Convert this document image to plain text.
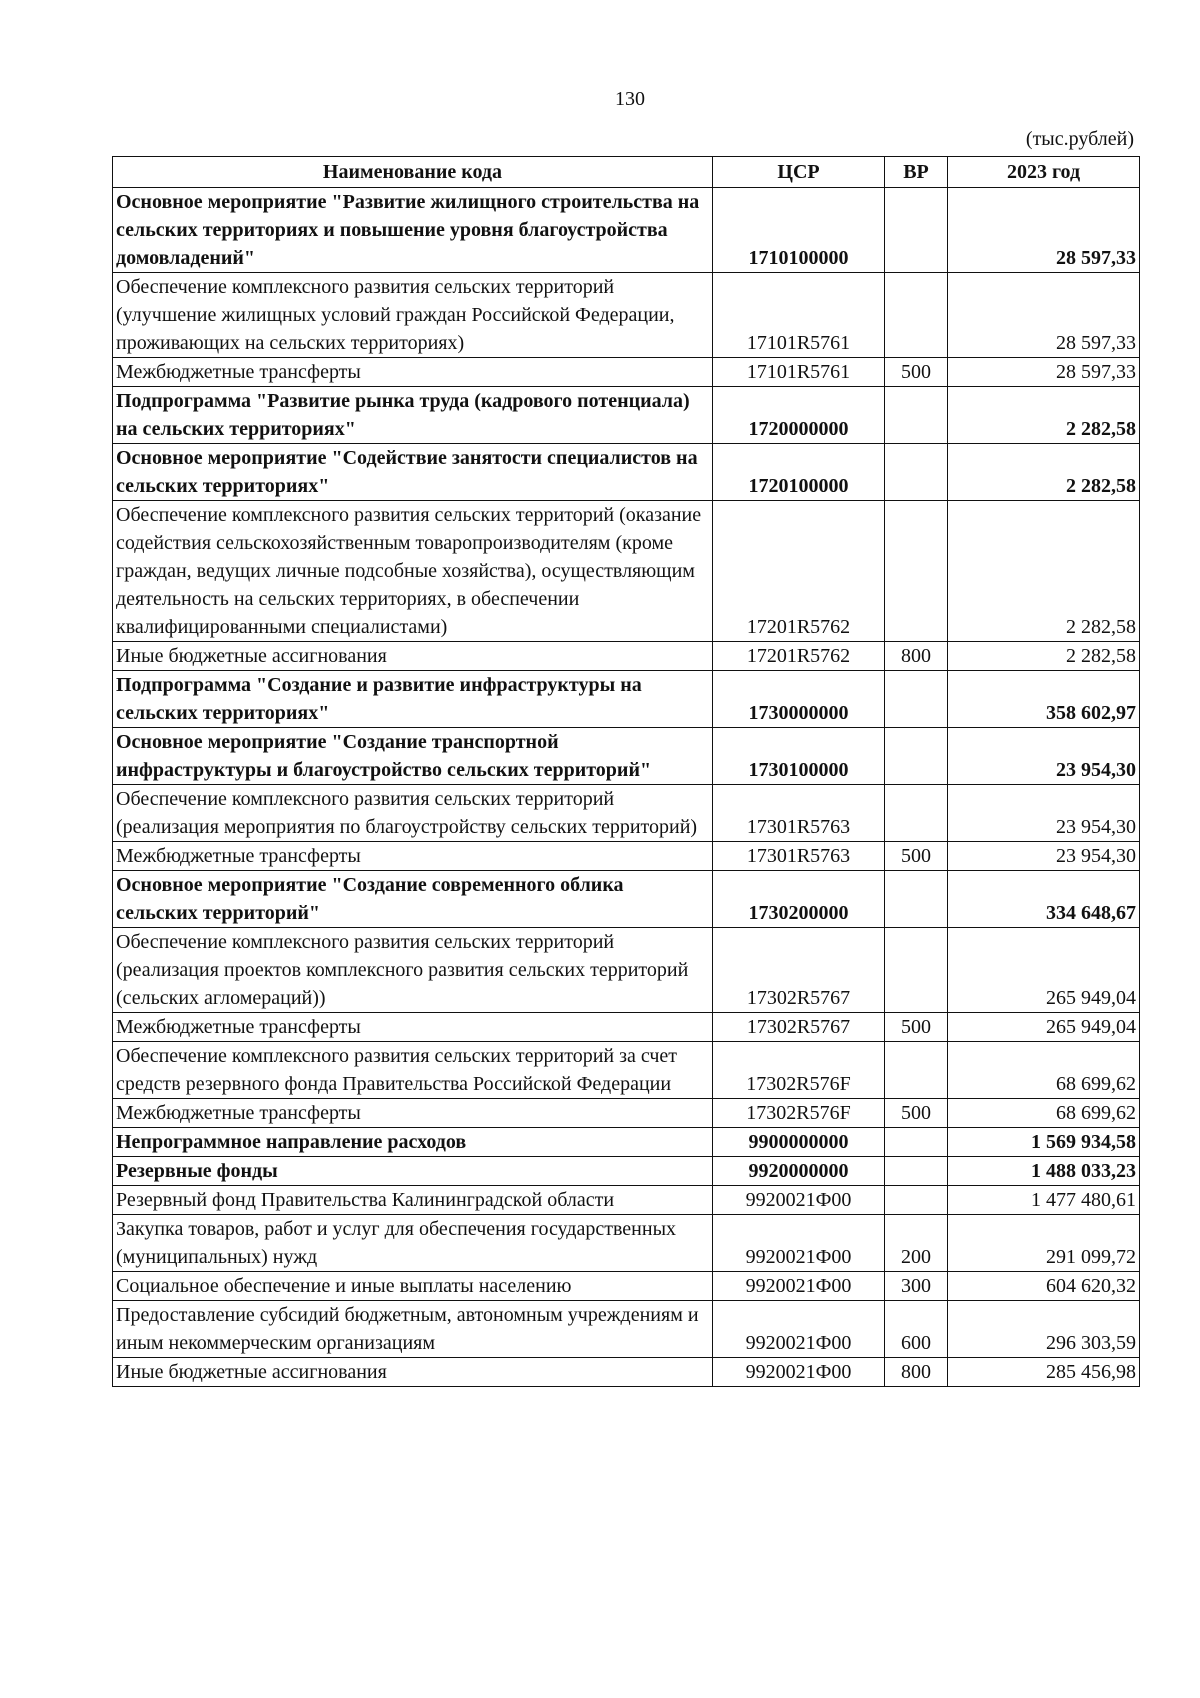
130
(тыс.рублей)
Наименование кода	ЦСР	ВР	2023 год
Основное мероприятие "Развитие жилищного строительства на сельских территориях и повышение уровня благоустройства домовладений"	1710100000		28 597,33
Обеспечение комплексного развития сельских территорий (улучшение жилищных условий граждан Российской Федерации, проживающих на сельских территориях)	17101R5761		28 597,33
Межбюджетные трансферты	17101R5761	500	28 597,33
Подпрограмма "Развитие рынка труда (кадрового потенциала) на сельских территориях"	1720000000		2 282,58
Основное мероприятие "Содействие занятости специалистов на сельских территориях"	1720100000		2 282,58
Обеспечение комплексного развития сельских территорий (оказание содействия сельскохозяйственным товаропроизводителям (кроме граждан, ведущих личные подсобные хозяйства), осуществляющим деятельность на сельских территориях, в обеспечении квалифицированными специалистами)	17201R5762		2 282,58
Иные бюджетные ассигнования	17201R5762	800	2 282,58
Подпрограмма "Создание и развитие инфраструктуры на сельских территориях"	1730000000		358 602,97
Основное мероприятие "Создание транспортной инфраструктуры и благоустройство сельских территорий"	1730100000		23 954,30
Обеспечение комплексного развития сельских территорий (реализация мероприятия по благоустройству сельских территорий)	17301R5763		23 954,30
Межбюджетные трансферты	17301R5763	500	23 954,30
Основное мероприятие "Создание современного облика сельских территорий"	1730200000		334 648,67
Обеспечение комплексного развития сельских территорий (реализация проектов комплексного развития сельских территорий (сельских агломераций))	17302R5767		265 949,04
Межбюджетные трансферты	17302R5767	500	265 949,04
Обеспечение комплексного развития сельских территорий за счет средств резервного фонда Правительства Российской Федерации	17302R576F		68 699,62
Межбюджетные трансферты	17302R576F	500	68 699,62
Непрограммное направление расходов	9900000000		1 569 934,58
Резервные фонды	9920000000		1 488 033,23
Резервный фонд Правительства Калининградской области	9920021Ф00		1 477 480,61
Закупка товаров, работ и услуг для обеспечения государственных (муниципальных) нужд	9920021Ф00	200	291 099,72
Социальное обеспечение и иные выплаты населению	9920021Ф00	300	604 620,32
Предоставление субсидий бюджетным, автономным учреждениям и иным некоммерческим организациям	9920021Ф00	600	296 303,59
Иные бюджетные ассигнования	9920021Ф00	800	285 456,98
